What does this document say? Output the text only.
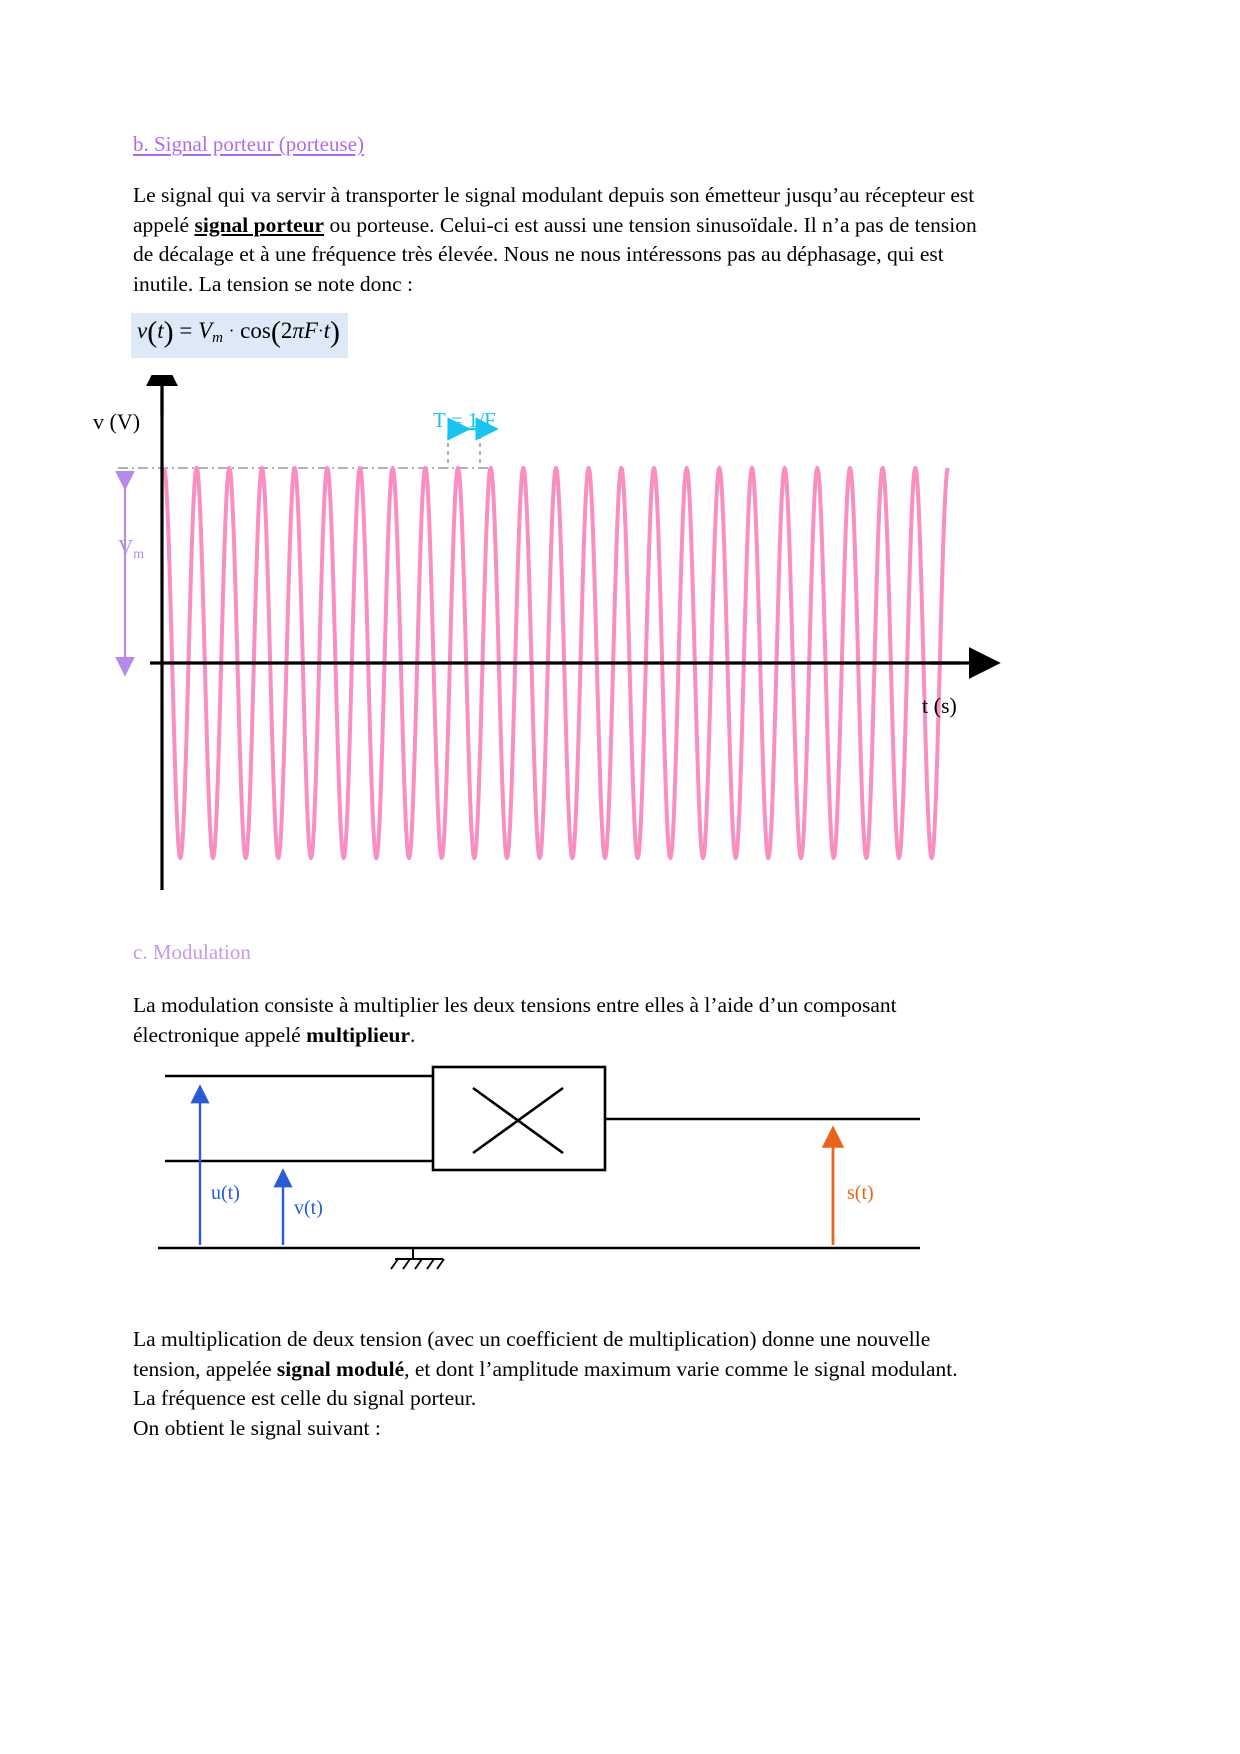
b. Signal porteur (porteuse)
Le signal qui va servir à transporter le signal modulant depuis son émetteur jusqu’au récepteur est appelé signal porteur ou porteuse. Celui-ci est aussi une tension sinusoïdale. Il n’a pas de tension de décalage et à une fréquence très élevée. Nous ne nous intéressons pas au déphasage, qui est inutile. La tension se note donc :
$v(t) = V_m \cdot \cos(2\pi F\cdot t)$
v (V)
t (s)
Vm
T = 1/F
c. Modulation
La modulation consiste à multiplier les deux tensions entre elles à l’aide d’un composant électronique appelé multiplieur.
u(t)
v(t)
s(t)
La multiplication de deux tension (avec un coefficient de multiplication) donne une nouvelle tension, appelée signal modulé, et dont l’amplitude maximum varie comme le signal modulant. La fréquence est celle du signal porteur.
On obtient le signal suivant :
